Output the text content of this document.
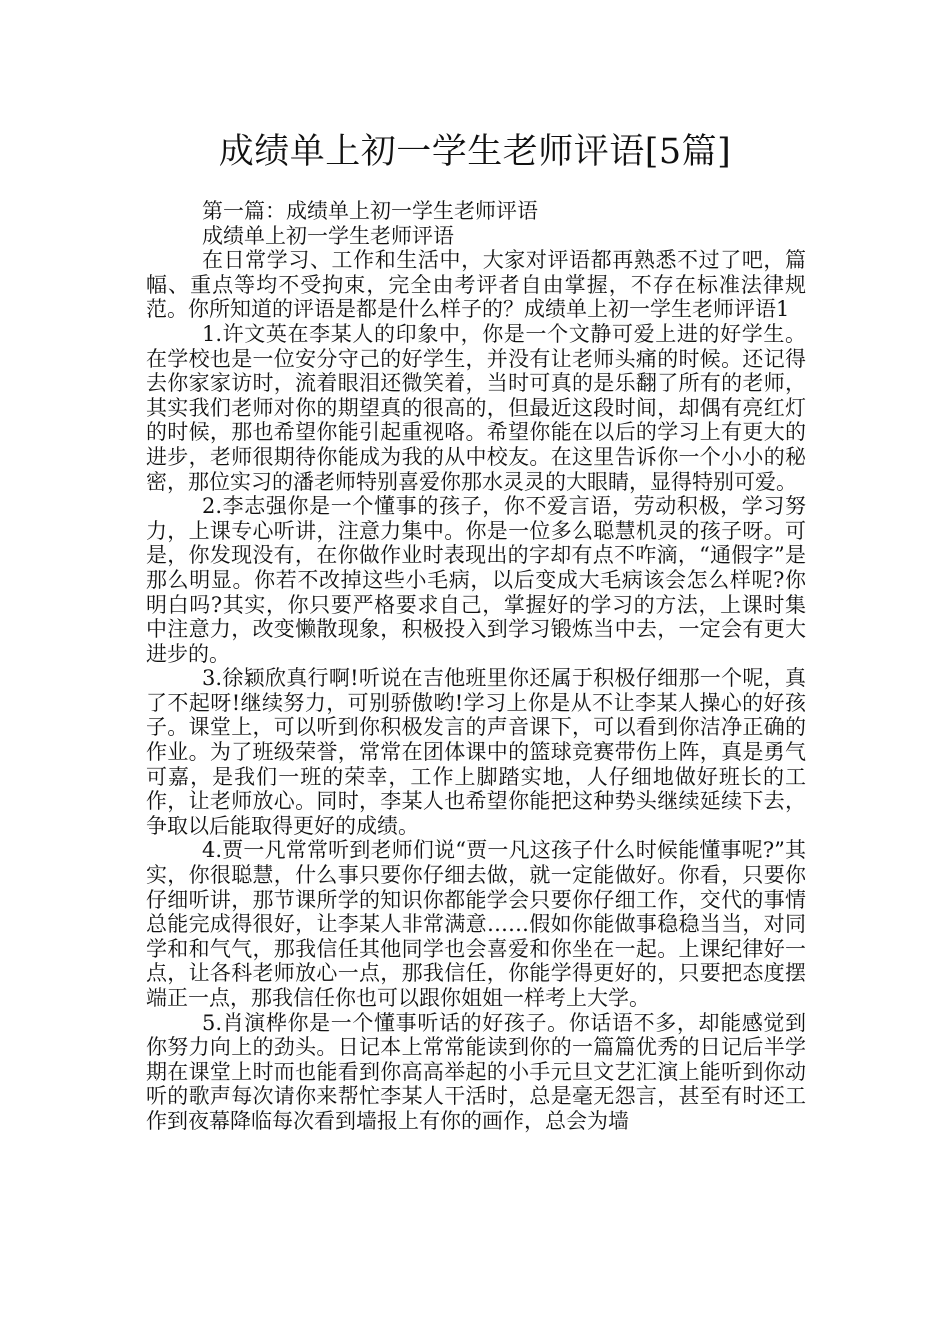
成绩单上初一学生老师评语[5篇]

第一篇：成绩单上初一学生老师评语

成绩单上初一学生老师评语

在日常学习、工作和生活中，大家对评语都再熟悉不过了吧，篇幅、重点等均不受拘束，完全由考评者自由掌握，不存在标准法律规范。你所知道的评语是都是什么样子的？成绩单上初一学生老师评语1

1.许文英在李某人的印象中，你是一个文静可爱上进的好学生。在学校也是一位安分守己的好学生，并没有让老师头痛的时候。还记得去你家家访时，流着眼泪还微笑着，当时可真的是乐翻了所有的老师，其实我们老师对你的期望真的很高的，但最近这段时间，却偶有亮红灯的时候，那也希望你能引起重视咯。希望你能在以后的学习上有更大的进步，老师很期待你能成为我的从中校友。在这里告诉你一个小小的秘密，那位实习的潘老师特别喜爱你那水灵灵的大眼睛，显得特别可爱。

2.李志强你是一个懂事的孩子，你不爱言语，劳动积极，学习努力，上课专心听讲，注意力集中。你是一位多么聪慧机灵的孩子呀。可是，你发现没有，在你做作业时表现出的字却有点不咋滴，“通假字”是那么明显。你若不改掉这些小毛病，以后变成大毛病该会怎么样呢?你明白吗?其实，你只要严格要求自己，掌握好的学习的方法，上课时集中注意力，改变懒散现象，积极投入到学习锻炼当中去，一定会有更大进步的。

3.徐颖欣真行啊!听说在吉他班里你还属于积极仔细那一个呢，真了不起呀!继续努力，可别骄傲哟!学习上你是从不让李某人操心的好孩子。课堂上，可以听到你积极发言的声音课下，可以看到你洁净正确的作业。为了班级荣誉，常常在团体课中的篮球竞赛带伤上阵，真是勇气可嘉，是我们一班的荣幸，工作上脚踏实地，人仔细地做好班长的工作，让老师放心。同时，李某人也希望你能把这种势头继续延续下去，争取以后能取得更好的成绩。

4.贾一凡常常听到老师们说“贾一凡这孩子什么时候能懂事呢?”其实，你很聪慧，什么事只要你仔细去做，就一定能做好。你看，只要你仔细听讲，那节课所学的知识你都能学会只要你仔细工作，交代的事情总能完成得很好，让李某人非常满意……假如你能做事稳稳当当，对同学和和气气，那我信任其他同学也会喜爱和你坐在一起。上课纪律好一点，让各科老师放心一点，那我信任，你能学得更好的，只要把态度摆端正一点，那我信任你也可以跟你姐姐一样考上大学。

5.肖演桦你是一个懂事听话的好孩子。你话语不多，却能感觉到你努力向上的劲头。日记本上常常能读到你的一篇篇优秀的日记后半学期在课堂上时而也能看到你高高举起的小手元旦文艺汇演上能听到你动听的歌声每次请你来帮忙李某人干活时，总是毫无怨言，甚至有时还工作到夜幕降临每次看到墙报上有你的画作，总会为墙
